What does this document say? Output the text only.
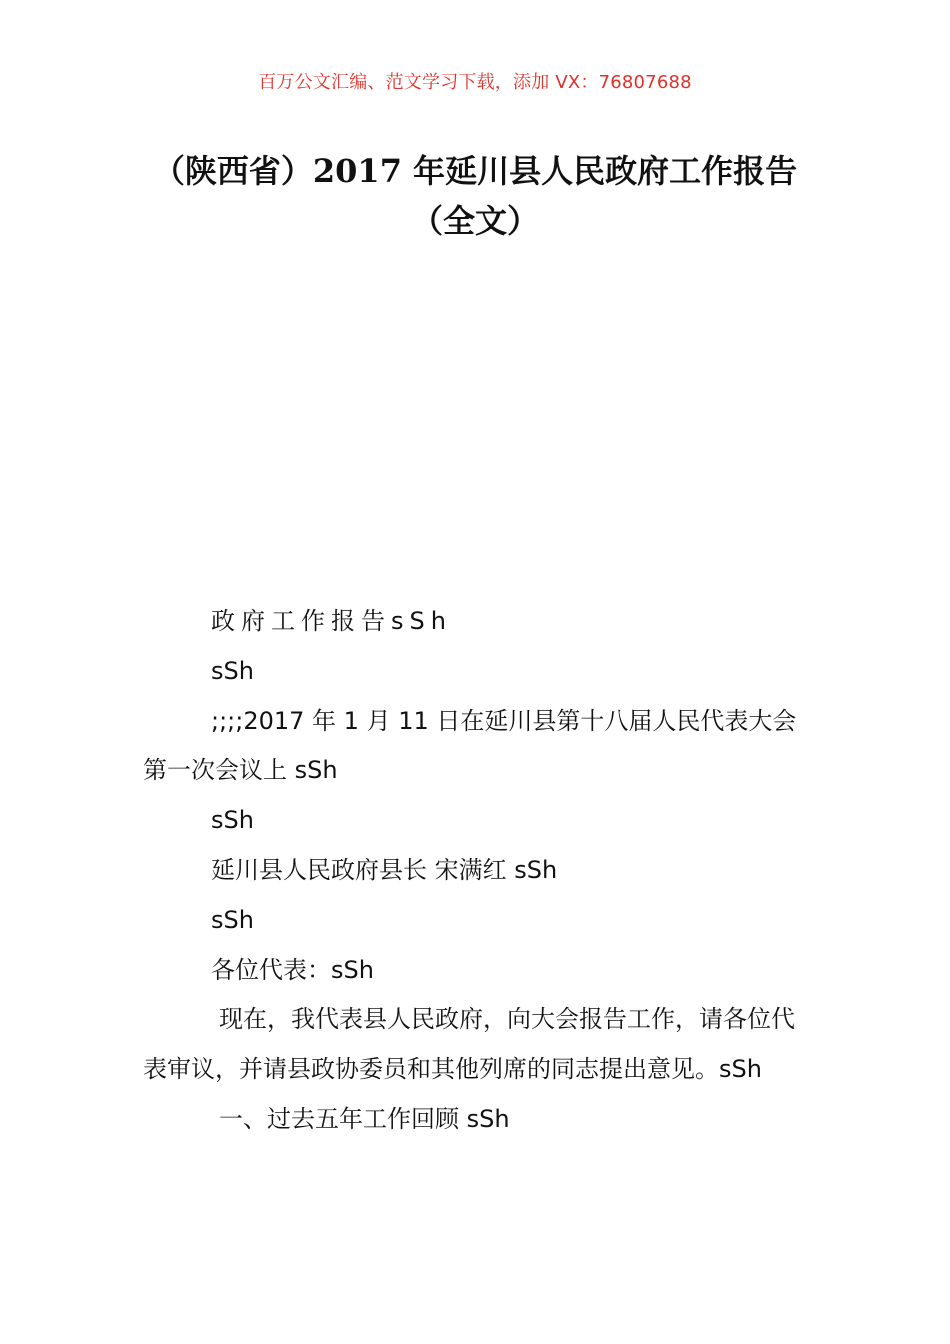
百万公文汇编、范文学习下载，添加 VX：76807688
（陕西省）2017 年延川县人民政府工作报告（全文）
政府工作报告sSh
sSh
;;;;2017 年 1 月 11 日在延川县第十八届人民代表大会第一次会议上 sSh
sSh
延川县人民政府县长 宋满红 sSh
sSh
各位代表：sSh
现在，我代表县人民政府，向大会报告工作，请各位代表审议，并请县政协委员和其他列席的同志提出意见。sSh
一、过去五年工作回顾 sSh
